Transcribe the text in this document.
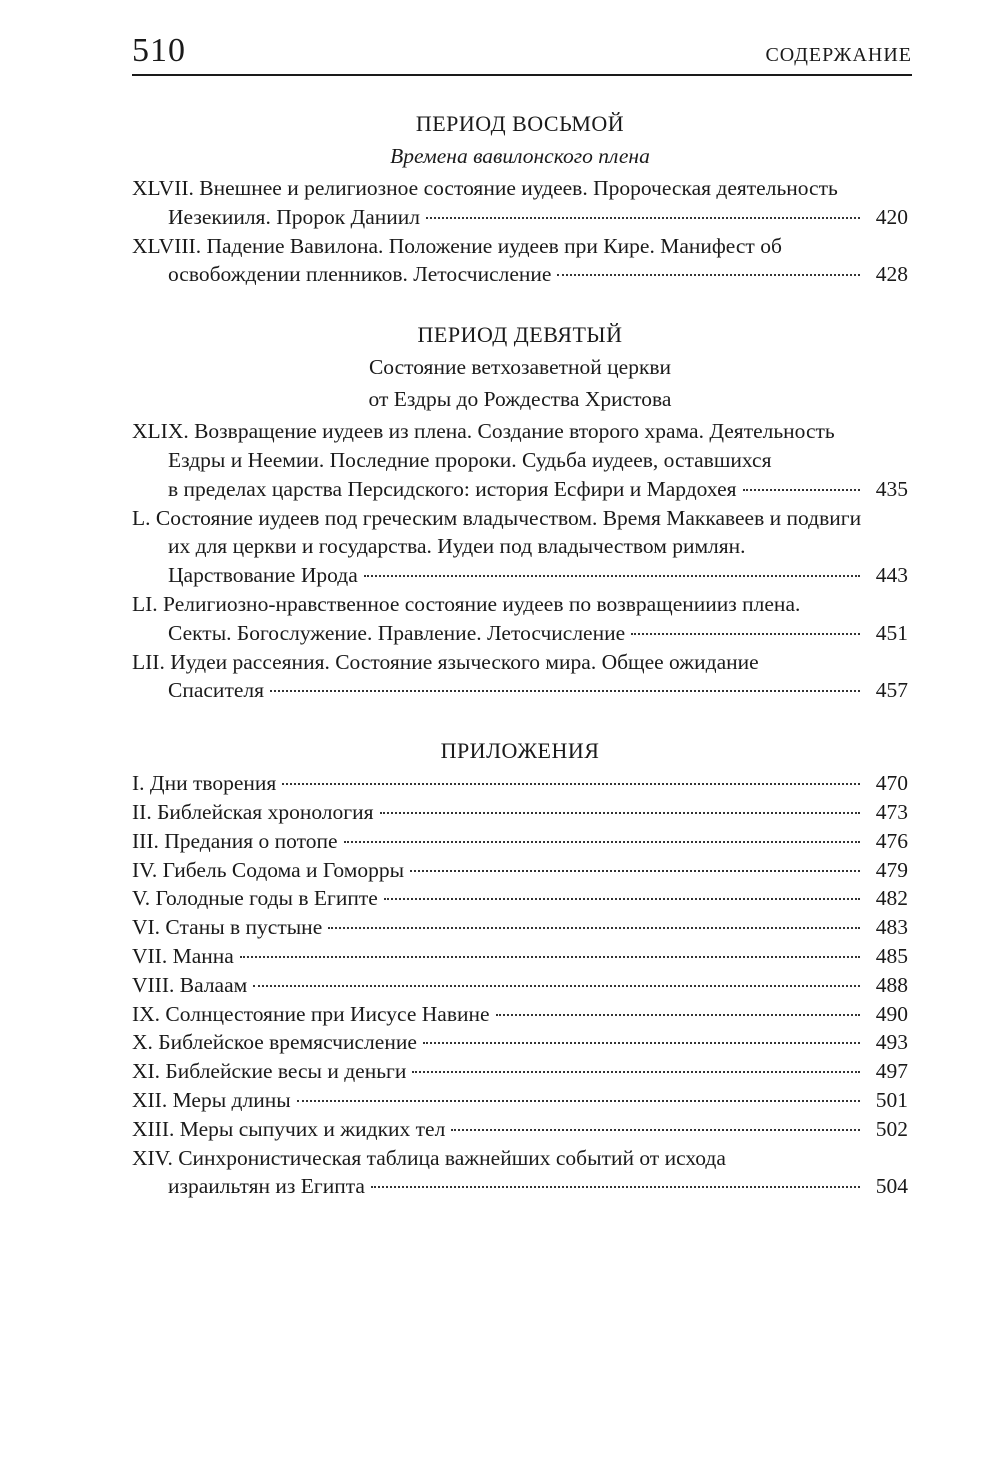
510	СОДЕРЖАНИЕ
ПЕРИОД ВОСЬМОЙ
Времена вавилонского плена
XLVII. Внешнее и религиозное состояние иудеев. Пророческая деятельность
Иезекииля. Пророк Даниил	420
XLVIII. Падение Вавилона. Положение иудеев при Кире. Манифест об
освобождении пленников. Летосчисление	428
ПЕРИОД ДЕВЯТЫЙ
Состояние ветхозаветной церкви
от Ездры до Рождества Христова
XLIX. Возвращение иудеев из плена. Создание второго храма. Деятельность
Ездры и Неемии. Последние пророки. Судьба иудеев, оставшихся
в пределах царства Персидского: история Есфири и Мардохея	435
L. Состояние иудеев под греческим владычеством. Время Маккавеев и подвиги
их для церкви и государства. Иудеи под владычеством римлян.
Царствование Ирода	443
LI. Религиозно-нравственное состояние иудеев по возвращениииз плена.
Секты. Богослужение. Правление. Летосчисление	451
LII. Иудеи рассеяния. Состояние языческого мира. Общее ожидание
Спасителя	457
ПРИЛОЖЕНИЯ
I. Дни творения	470
II. Библейская хронология	473
III. Предания о потопе	476
IV. Гибель Содома и Гоморры	479
V. Голодные годы в Египте	482
VI. Станы в пустыне	483
VII. Манна	485
VIII. Валаам	488
IX. Солнцестояние при Иисусе Навине	490
X. Библейское времясчисление	493
XI. Библейские весы и деньги	497
XII. Меры длины	501
XIII. Меры сыпучих и жидких тел	502
XIV. Синхронистическая таблица важнейших событий от исхода
израильтян из Египта	504
